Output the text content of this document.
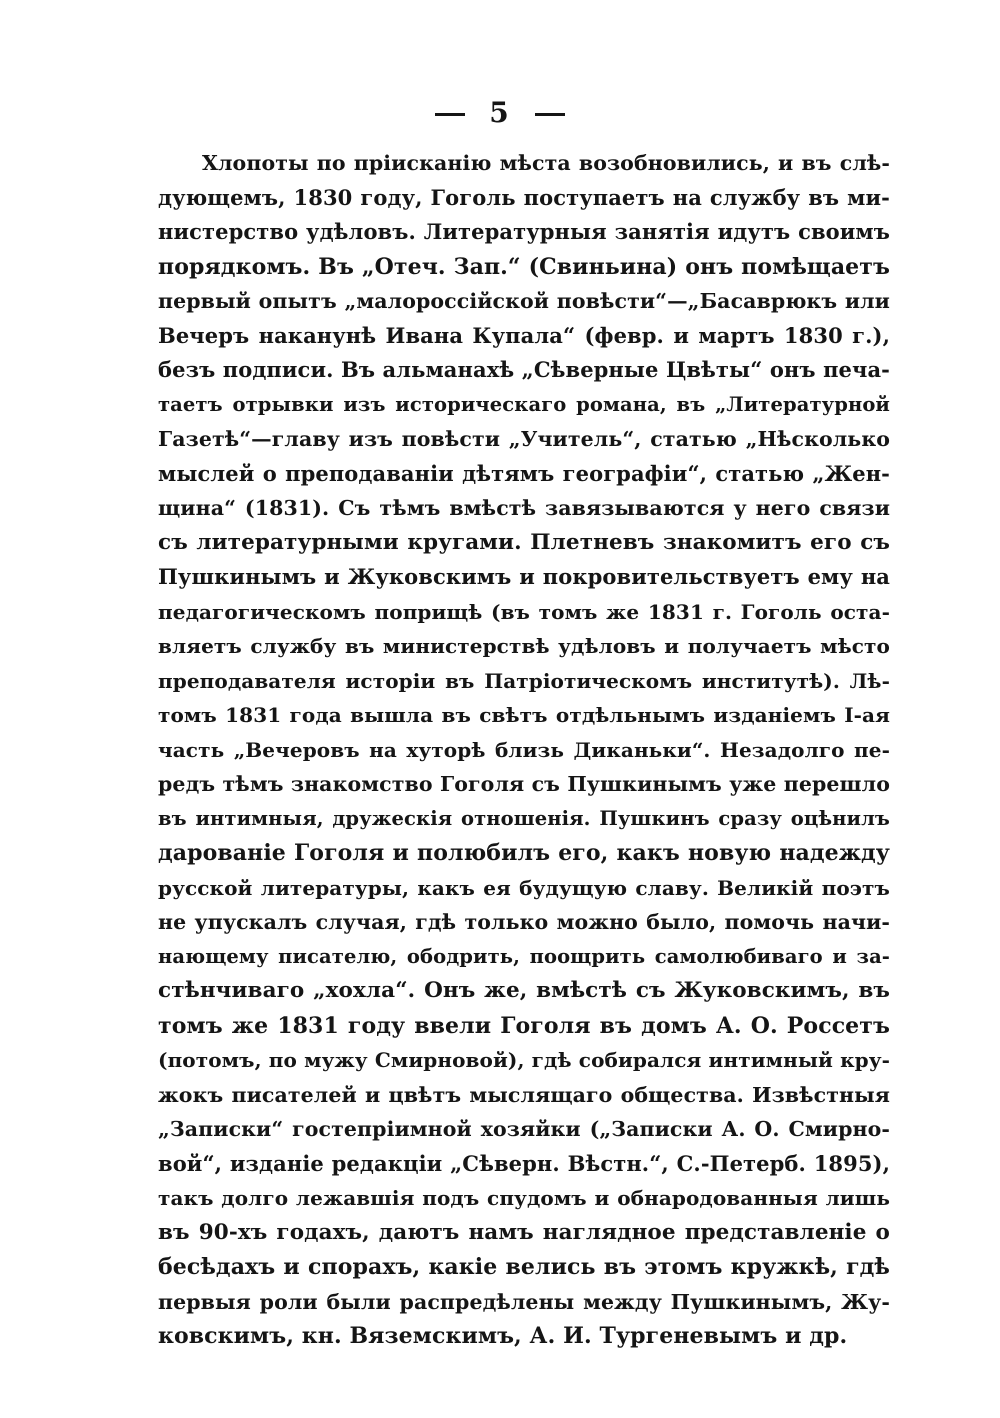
5
Хлопоты по прiисканiю мѣста возобновились, и въ слѣ-
дующемъ, 1830 году, Гоголь поступаетъ на службу въ ми-
нистерство удѣловъ. Литературныя занятiя идутъ своимъ
порядкомъ. Въ „Отеч. Зап.“ (Свиньина) онъ помѣщаетъ
первый опытъ „малороссiйской повѣсти“—„Басаврюкъ или
Вечеръ наканунѣ Ивана Купала“ (февр. и мартъ 1830 г.),
безъ подписи. Въ альманахѣ „Сѣверные Цвѣты“ онъ печа-
таетъ отрывки изъ историческаго романа, въ „Литературной
Газетѣ“—главу изъ повѣсти „Учитель“, статью „Нѣсколько
мыслей о преподаванiи дѣтямъ географiи“, статью „Жен-
щина“ (1831). Съ тѣмъ вмѣстѣ завязываются у него связи
съ литературными кругами. Плетневъ знакомитъ его съ
Пушкинымъ и Жуковскимъ и покровительствуетъ ему на
педагогическомъ поприщѣ (въ томъ же 1831 г. Гоголь оста-
вляетъ службу въ министерствѣ удѣловъ и получаетъ мѣсто
преподавателя исторiи въ Патрiотическомъ институтѣ). Лѣ-
томъ 1831 года вышла въ свѣтъ отдѣльнымъ изданiемъ I-ая
часть „Вечеровъ на хуторѣ близь Диканьки“. Незадолго пе-
редъ тѣмъ знакомство Гоголя съ Пушкинымъ уже перешло
въ интимныя, дружескiя отношенiя. Пушкинъ сразу оцѣнилъ
дарованiе Гоголя и полюбилъ его, какъ новую надежду
русской литературы, какъ ея будущую славу. Великiй поэтъ
не упускалъ случая, гдѣ только можно было, помочь начи-
нающему писателю, ободрить, поощрить самолюбиваго и за-
стѣнчиваго „хохла“. Онъ же, вмѣстѣ съ Жуковскимъ, въ
томъ же 1831 году ввели Гоголя въ домъ А. О. Россетъ
(потомъ, по мужу Смирновой), гдѣ собирался интимный кру-
жокъ писателей и цвѣтъ мыслящаго общества. Извѣстныя
„Записки“ гостепрiимной хозяйки („Записки А. О. Смирно-
вой“, изданiе редакцiи „Сѣверн. Вѣстн.“, С.-Петерб. 1895),
такъ долго лежавшiя подъ спудомъ и обнародованныя лишь
въ 90-хъ годахъ, даютъ намъ наглядное представленiе о
бесѣдахъ и спорахъ, какiе велись въ этомъ кружкѣ, гдѣ
первыя роли были распредѣлены между Пушкинымъ, Жу-
ковскимъ, кн. Вяземскимъ, А. И. Тургеневымъ и др.
